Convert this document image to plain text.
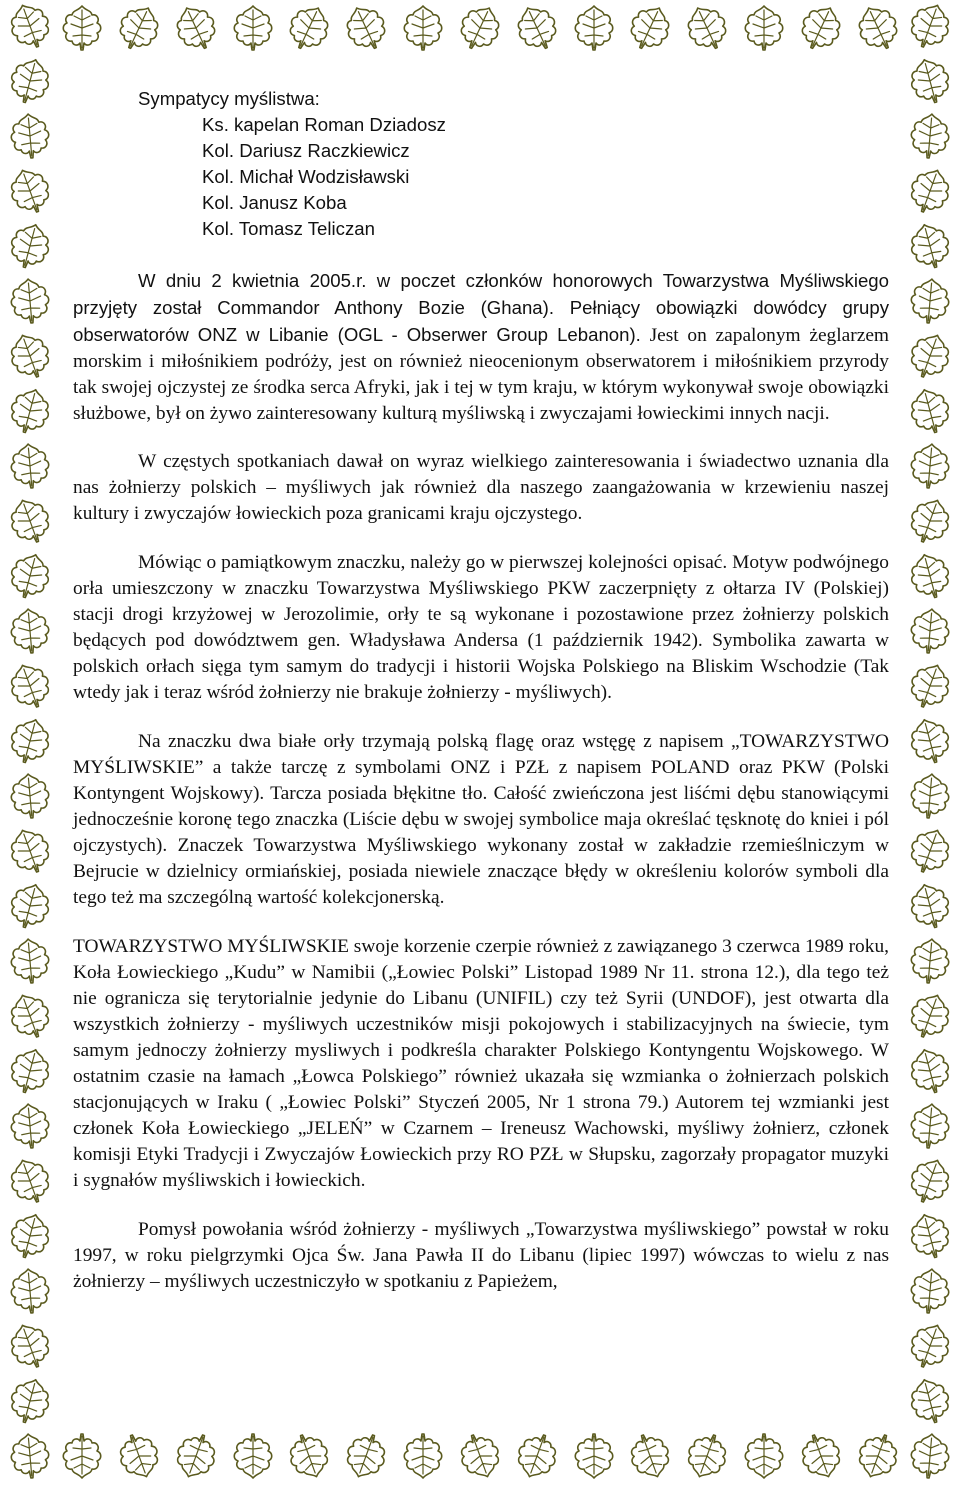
Sympatycy myślistwa:

Ks. kapelan Roman Dziadosz

Kol. Dariusz Raczkiewicz

Kol. Michał Wodzisławski

Kol. Janusz Koba

Kol. Tomasz Teliczan

W dniu 2 kwietnia 2005.r. w poczet członków honorowych Towarzystwa Myśliwskiego przyjęty został Commandor Anthony Bozie (Ghana). Pełniący obowiązki dowódcy grupy obserwatorów ONZ w Libanie (OGL - Obserwer Group Lebanon). Jest on zapalonym żeglarzem morskim i miłośnikiem podróży, jest on również nieocenionym obserwatorem i miłośnikiem przyrody tak swojej ojczystej ze środka serca Afryki, jak i tej w tym kraju, w którym wykonywał swoje obowiązki służbowe, był on żywo zainteresowany kulturą myśliwską i zwyczajami łowieckimi innych nacji.

W częstych spotkaniach dawał on wyraz wielkiego zainteresowania i świadectwo uznania dla nas żołnierzy polskich – myśliwych jak również dla naszego zaangażowania w krzewieniu naszej kultury i zwyczajów łowieckich poza granicami kraju ojczystego.

Mówiąc o pamiątkowym znaczku, należy go w pierwszej kolejności opisać. Motyw podwójnego orła umieszczony w znaczku Towarzystwa Myśliwskiego PKW zaczerpnięty z ołtarza IV (Polskiej) stacji drogi krzyżowej w Jerozolimie, orły te są wykonane i pozostawione przez żołnierzy polskich będących pod dowództwem gen. Władysława Andersa (1 październik 1942). Symbolika zawarta w polskich orłach sięga tym samym do tradycji i historii Wojska Polskiego na Bliskim Wschodzie (Tak wtedy jak i teraz wśród żołnierzy nie brakuje żołnierzy - myśliwych).

Na znaczku dwa białe orły trzymają polską flagę oraz wstęgę z napisem „TOWARZYSTWO MYŚLIWSKIE” a także tarczę z symbolami ONZ i PZŁ z napisem POLAND oraz PKW (Polski Kontyngent Wojskowy). Tarcza posiada błękitne tło. Całość zwieńczona jest liśćmi dębu stanowiącymi jednocześnie koronę tego znaczka (Liście dębu w swojej symbolice maja określać tęsknotę do kniei i pól ojczystych). Znaczek Towarzystwa Myśliwskiego wykonany został w zakładzie rzemieślniczym w Bejrucie w dzielnicy ormiańskiej, posiada niewiele znaczące błędy w określeniu kolorów symboli dla tego też ma szczególną wartość kolekcjonerską.

TOWARZYSTWO MYŚLIWSKIE swoje korzenie czerpie również z zawiązanego 3 czerwca 1989 roku, Koła Łowieckiego „Kudu” w Namibii („Łowiec Polski” Listopad 1989 Nr 11. strona 12.), dla tego też nie ogranicza się terytorialnie jedynie do Libanu (UNIFIL) czy też Syrii (UNDOF), jest otwarta dla wszystkich żołnierzy - myśliwych uczestników misji pokojowych i stabilizacyjnych na świecie, tym samym jednoczy żołnierzy mysliwych i podkreśla charakter Polskiego Kontyngentu Wojskowego. W ostatnim czasie na łamach „Łowca Polskiego” również ukazała się wzmianka o żołnierzach polskich stacjonujących w Iraku ( „Łowiec Polski” Styczeń 2005, Nr 1 strona 79.) Autorem tej wzmianki jest członek Koła Łowieckiego „JELEŃ” w Czarnem – Ireneusz Wachowski, myśliwy żołnierz, członek komisji Etyki Tradycji i Zwyczajów Łowieckich przy RO PZŁ w Słupsku, zagorzały propagator muzyki i sygnałów myśliwskich i łowieckich.

Pomysł powołania wśród żołnierzy - myśliwych „Towarzystwa myśliwskiego” powstał w roku 1997, w roku pielgrzymki Ojca Św. Jana Pawła II do Libanu (lipiec 1997) wówczas to wielu z nas żołnierzy – myśliwych uczestniczyło w spotkaniu z Papieżem,
